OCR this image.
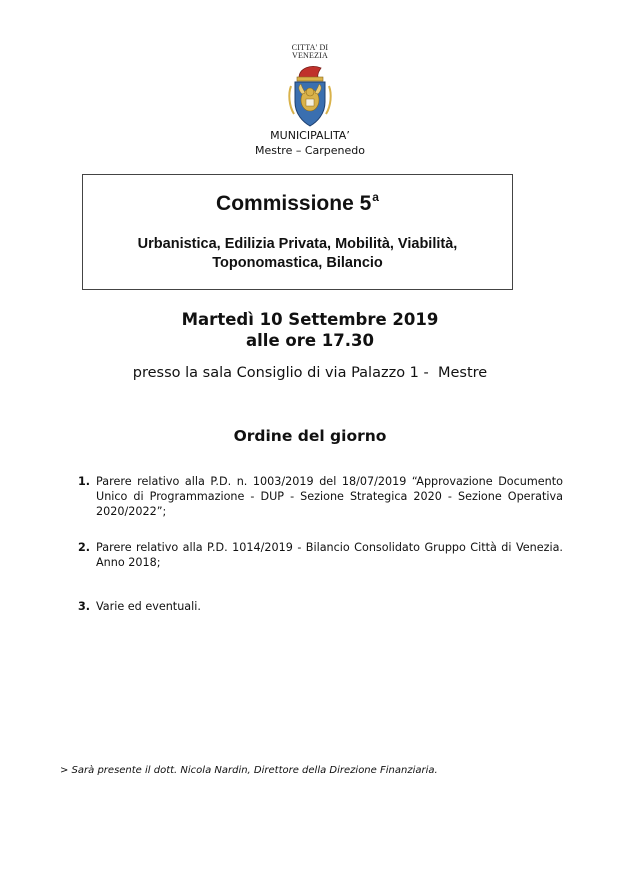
CITTA' DI
VENEZIA
MUNICIPALITA’
Mestre – Carpenedo
Commissione 5$^a$
Urbanistica, Edilizia Privata, Mobilità, Viabilità,
Toponomastica, Bilancio
Martedì 10 Settembre 2019
alle ore 17.30
presso la sala Consiglio di via Palazzo 1 -  Mestre
Ordine del giorno
1. Parere relativo alla P.D. n. 1003/2019 del 18/07/2019 “Approvazione Documento Unico di Programmazione - DUP - Sezione Strategica 2020 - Sezione Operativa 2020/2022”;
2. Parere relativo alla P.D. 1014/2019 - Bilancio Consolidato Gruppo Città di Venezia. Anno 2018;
3. Varie ed eventuali.
> Sarà presente il dott. Nicola Nardin, Direttore della Direzione Finanziaria.
